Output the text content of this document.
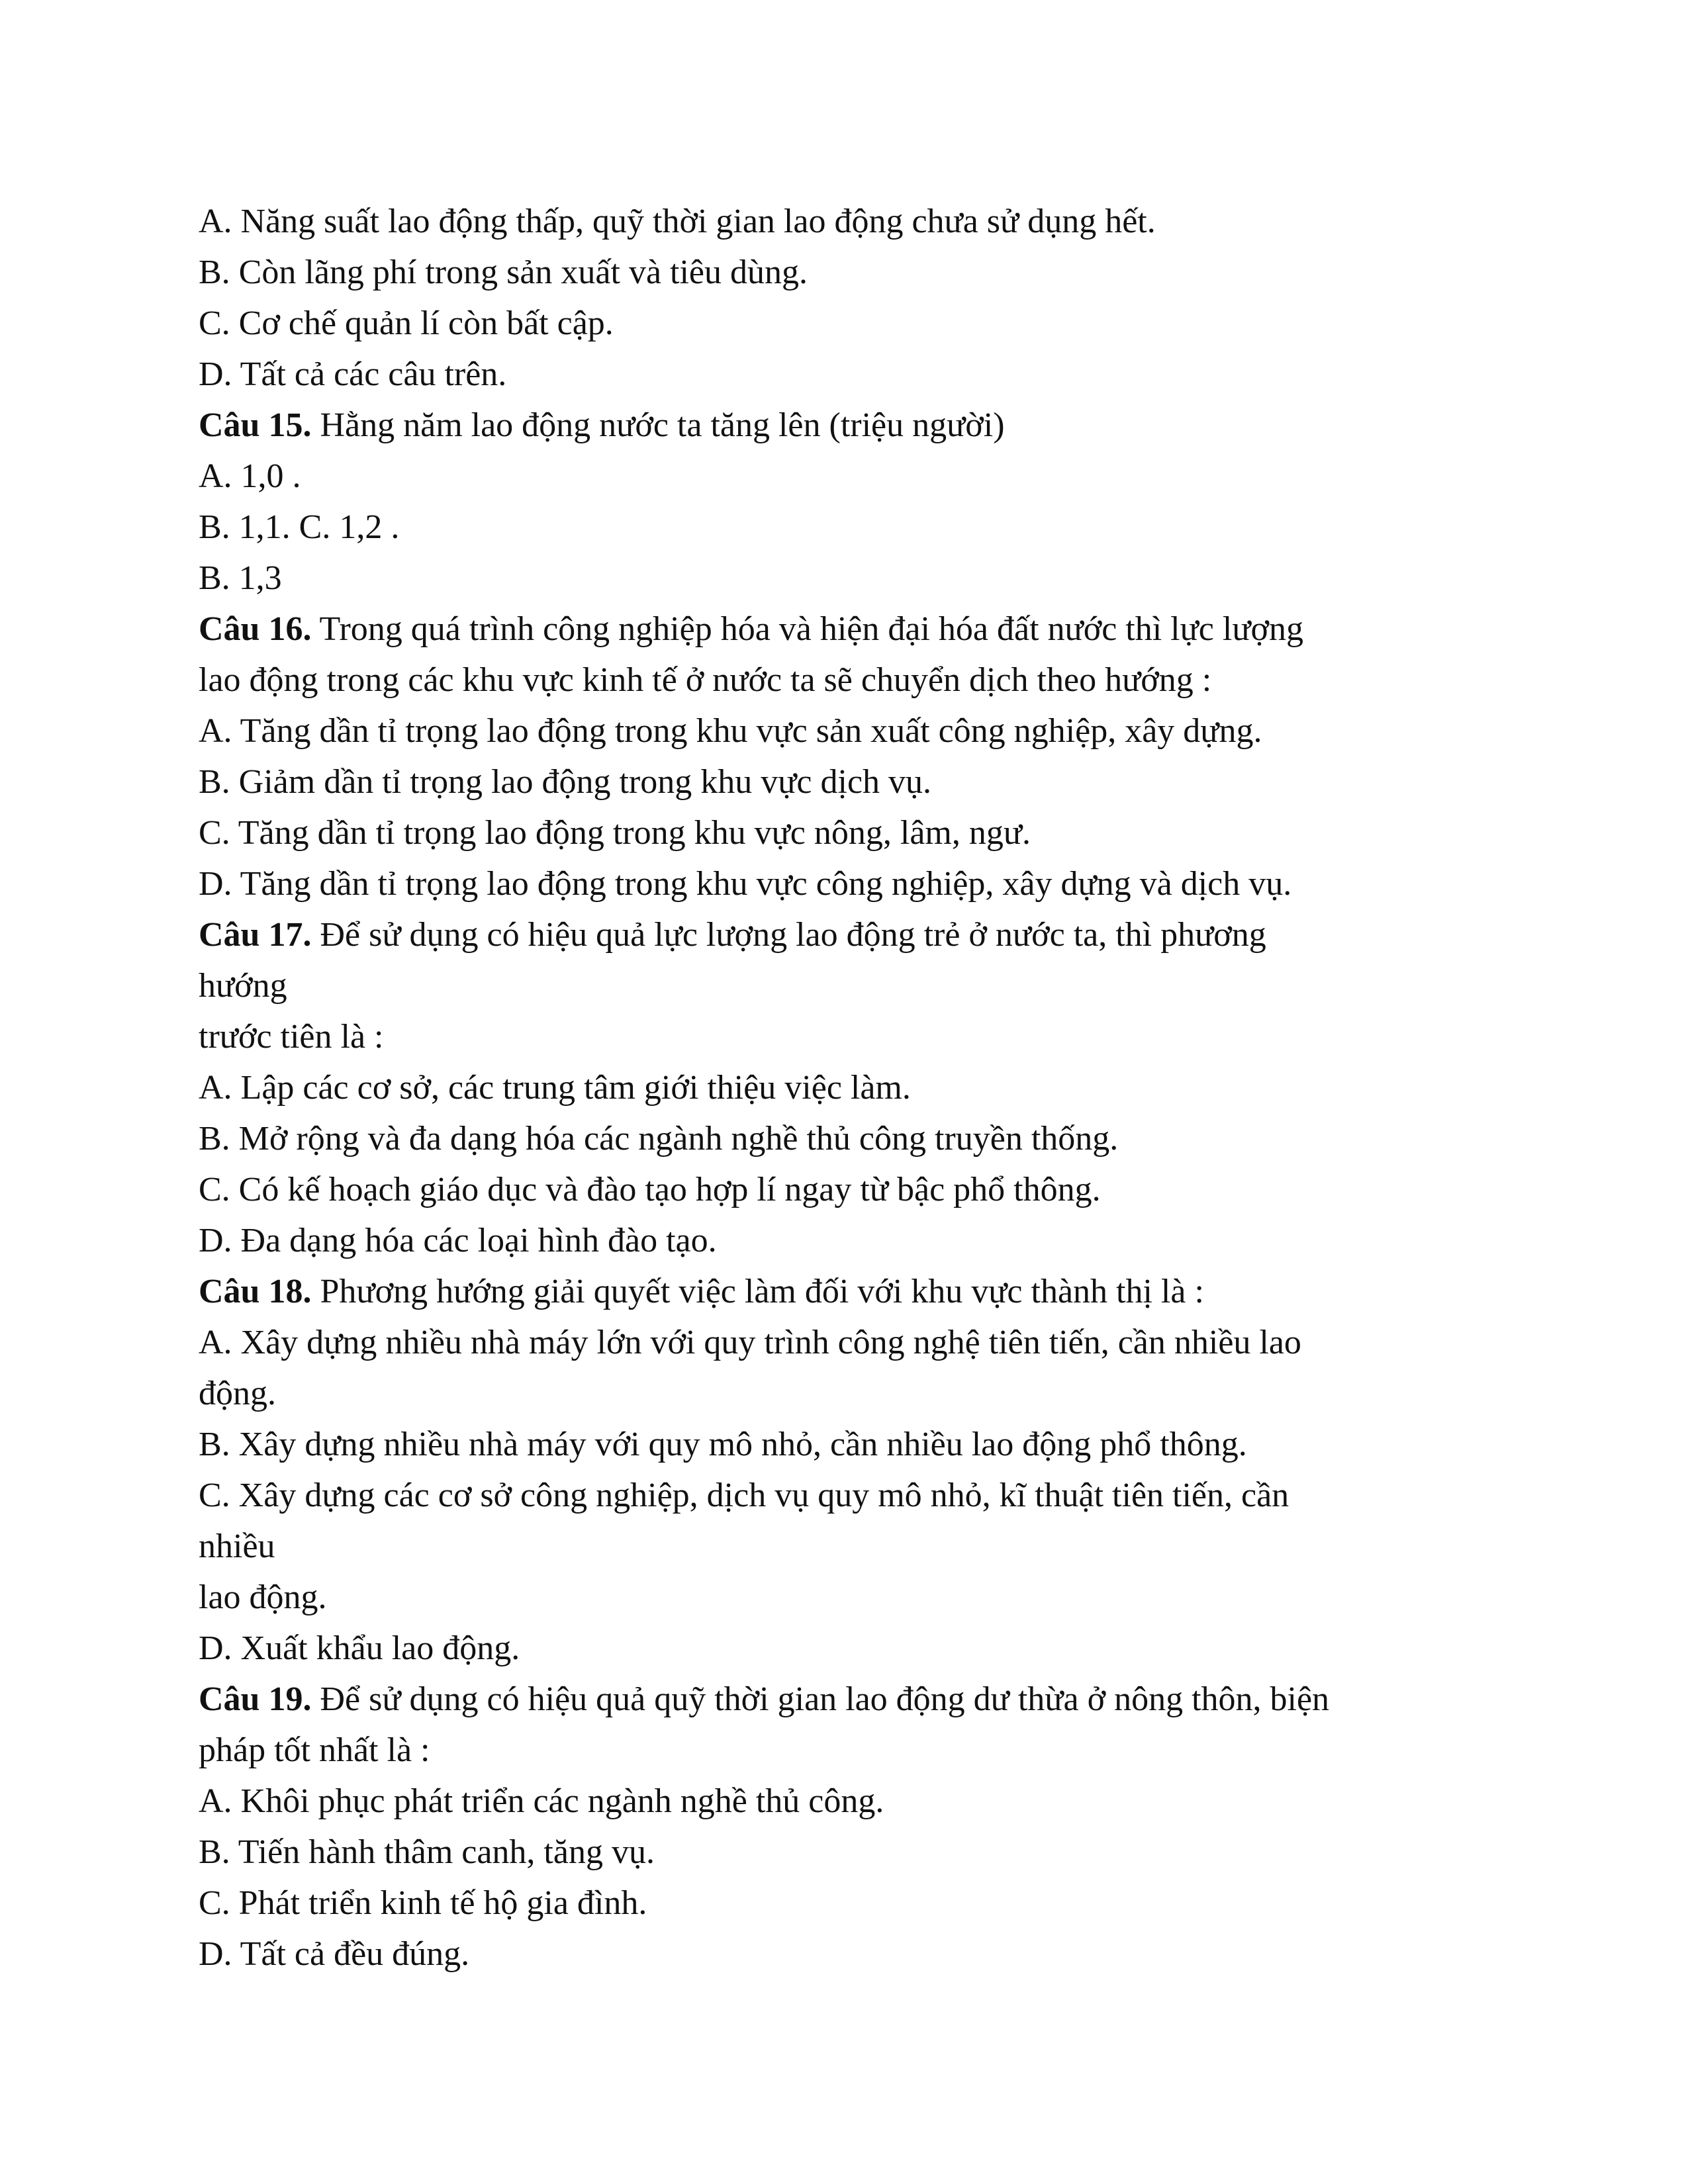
A. Năng suất lao động thấp, quỹ thời gian lao động chưa sử dụng hết.
B. Còn lãng phí trong sản xuất và tiêu dùng.
C. Cơ chế quản lí còn bất cập.
D. Tất cả các câu trên.
Câu 15. Hằng năm lao động nước ta tăng lên (triệu người)
A. 1,0 .
B. 1,1. C. 1,2 .
B. 1,3
Câu 16. Trong quá trình công nghiệp hóa và hiện đại hóa đất nước thì lực lượng
lao động trong các khu vực kinh tế ở nước ta sẽ chuyển dịch theo hướng :
A. Tăng dần tỉ trọng lao động trong khu vực sản xuất công nghiệp, xây dựng.
B. Giảm dần tỉ trọng lao động trong khu vực dịch vụ.
C. Tăng dần tỉ trọng lao động trong khu vực nông, lâm, ngư.
D. Tăng dần tỉ trọng lao động trong khu vực công nghiệp, xây dựng và dịch vụ.
Câu 17. Để sử dụng có hiệu quả lực lượng lao động trẻ ở nước ta, thì phương
hướng
trước tiên là :
A. Lập các cơ sở, các trung tâm giới thiệu việc làm.
B. Mở rộng và đa dạng hóa các ngành nghề thủ công truyền thống.
C. Có kế hoạch giáo dục và đào tạo hợp lí ngay từ bậc phổ thông.
D. Đa dạng hóa các loại hình đào tạo.
Câu 18. Phương hướng giải quyết việc làm đối với khu vực thành thị là :
A. Xây dựng nhiều nhà máy lớn với quy trình công nghệ tiên tiến, cần nhiều lao
động.
B. Xây dựng nhiều nhà máy với quy mô nhỏ, cần nhiều lao động phổ thông.
C. Xây dựng các cơ sở công nghiệp, dịch vụ quy mô nhỏ, kĩ thuật tiên tiến, cần
nhiều
lao động.
D. Xuất khẩu lao động.
Câu 19. Để sử dụng có hiệu quả quỹ thời gian lao động dư thừa ở nông thôn, biện
pháp tốt nhất là :
A. Khôi phục phát triển các ngành nghề thủ công.
B. Tiến hành thâm canh, tăng vụ.
C. Phát triển kinh tế hộ gia đình.
D. Tất cả đều đúng.
